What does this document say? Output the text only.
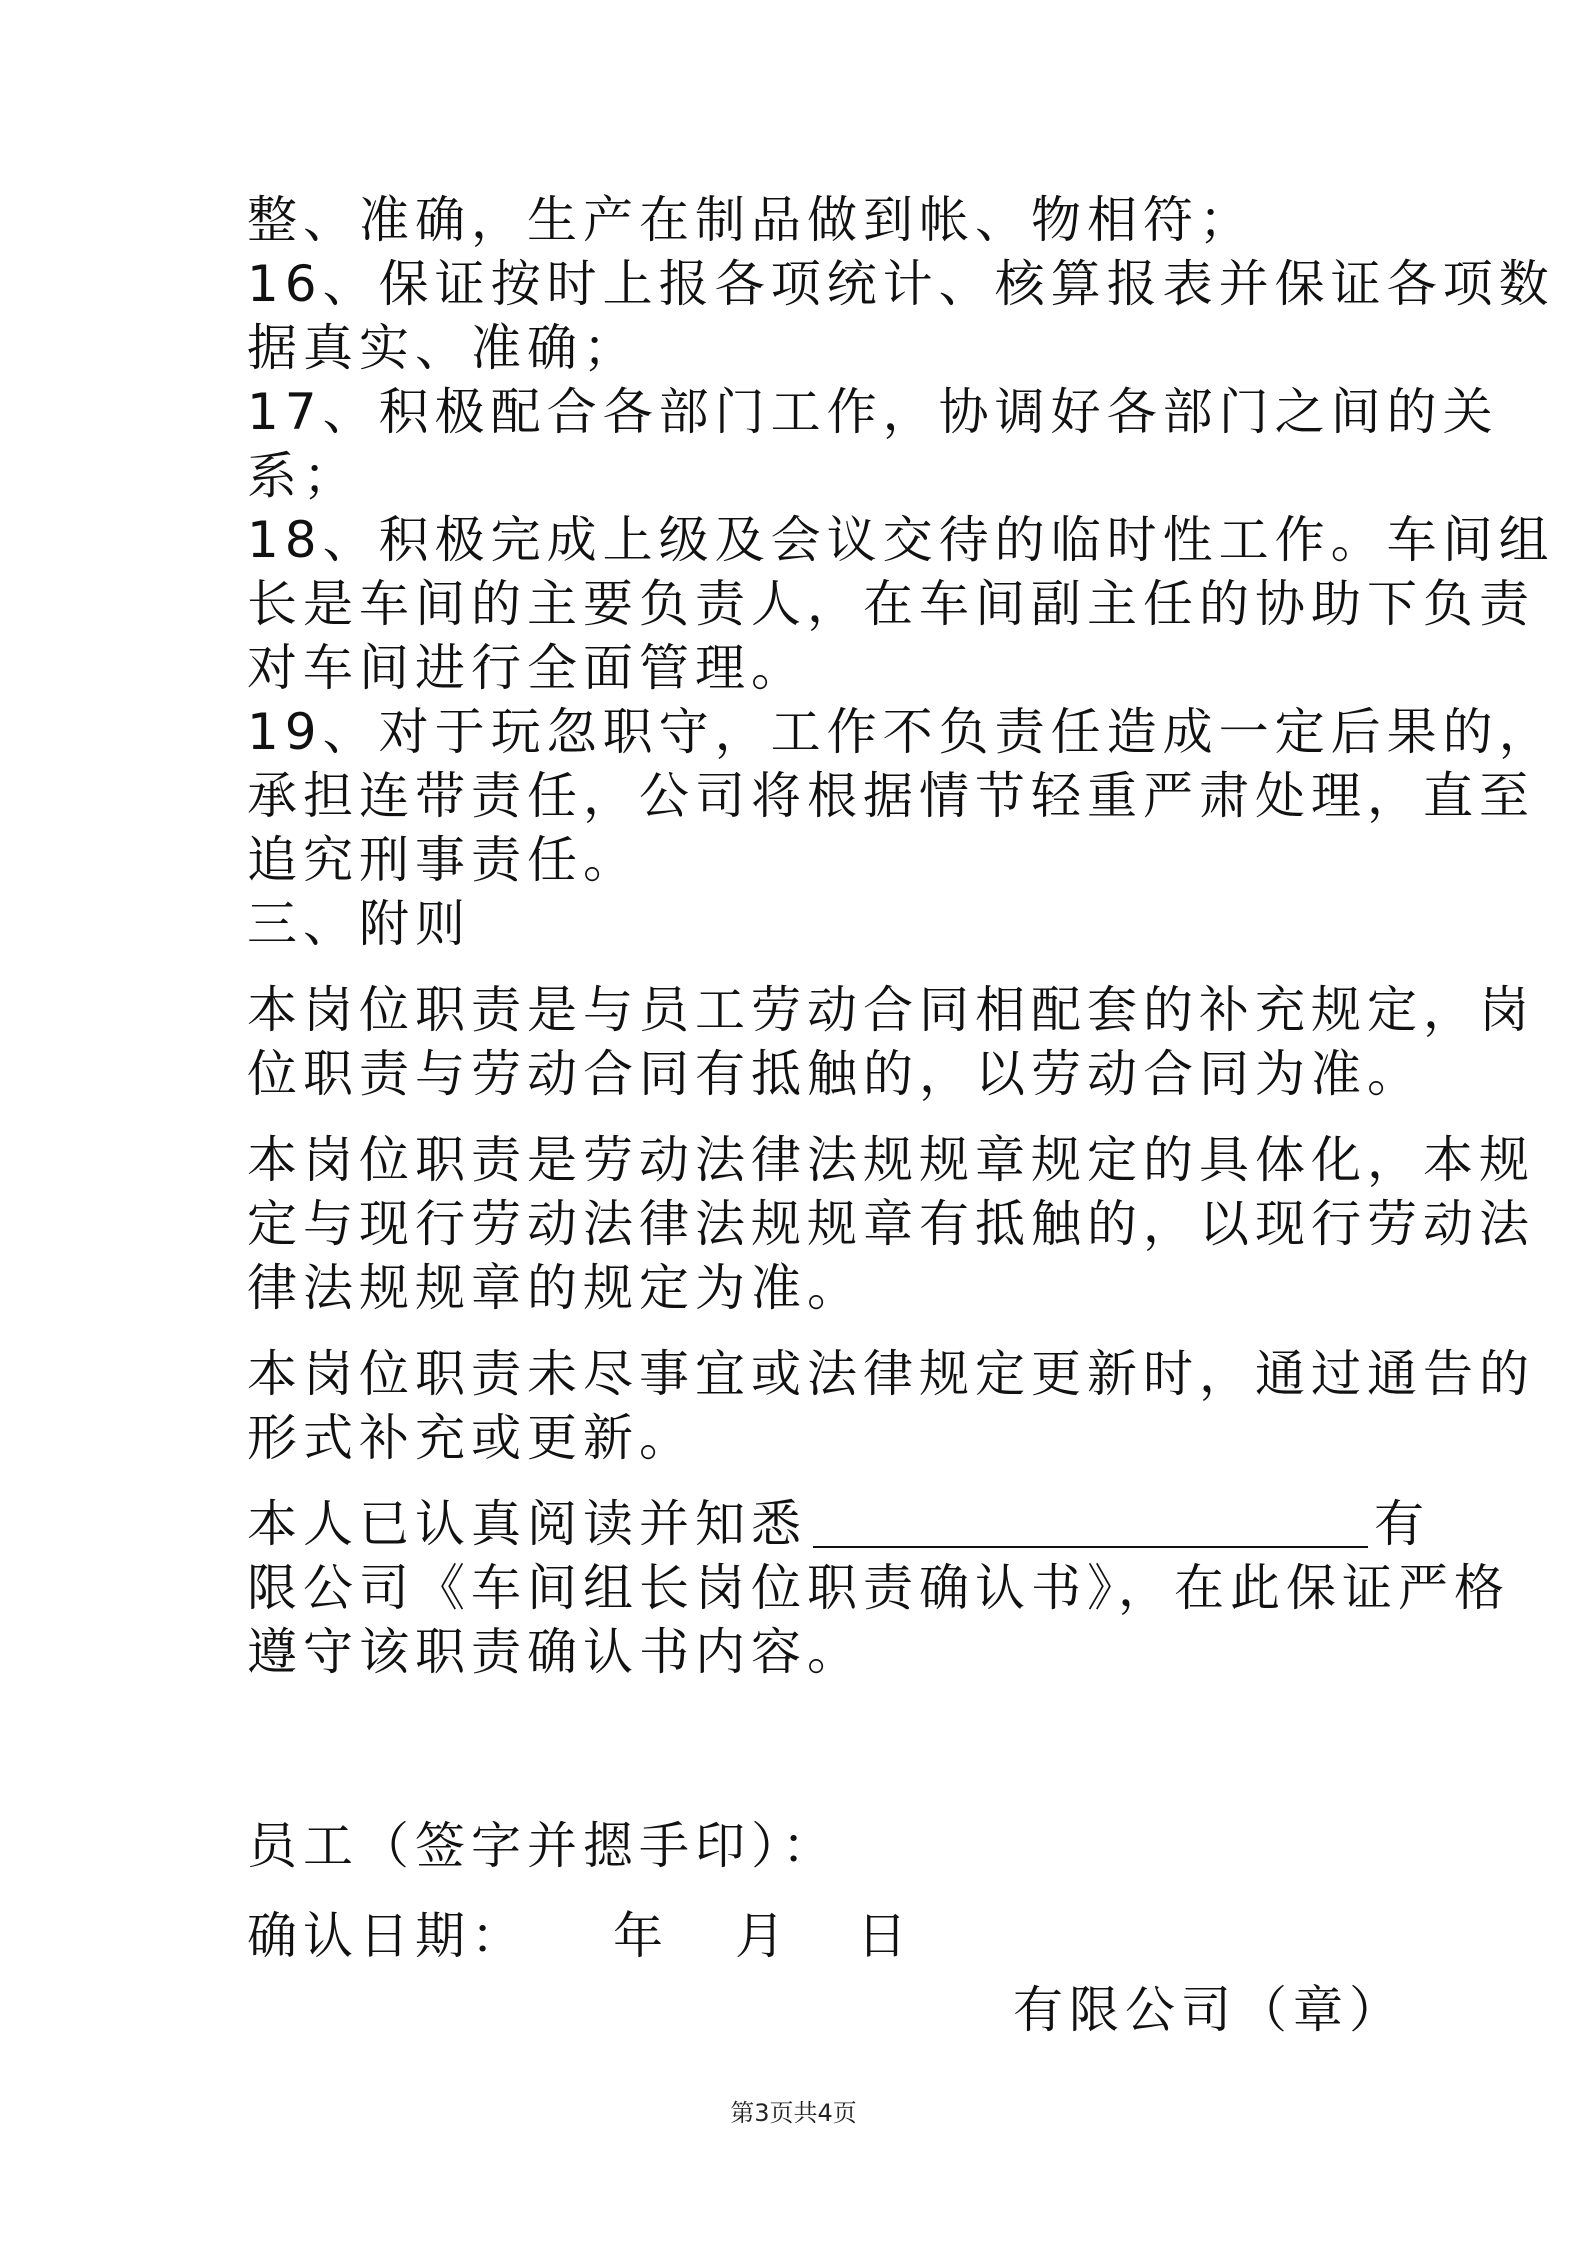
整、准确，生产在制品做到帐、物相符；
16、保证按时上报各项统计、核算报表并保证各项数
据真实、准确；
17、积极配合各部门工作，协调好各部门之间的关
系；
18、积极完成上级及会议交待的临时性工作。车间组
长是车间的主要负责人，在车间副主任的协助下负责
对车间进行全面管理。
19、对于玩忽职守，工作不负责任造成一定后果的，
承担连带责任，公司将根据情节轻重严肃处理，直至
追究刑事责任。
三、附则
本岗位职责是与员工劳动合同相配套的补充规定，岗
位职责与劳动合同有抵触的，以劳动合同为准。
本岗位职责是劳动法律法规规章规定的具体化，本规
定与现行劳动法律法规规章有抵触的，以现行劳动法
律法规规章的规定为准。
本岗位职责未尽事宜或法律规定更新时，通过通告的
形式补充或更新。
本人已认真阅读并知悉	有
限公司《车间组长岗位职责确认书》，在此保证严格
遵守该职责确认书内容。
员工（签字并摁手印）：
确认日期： 年 月 日
有限公司（章）
第3页共4页
